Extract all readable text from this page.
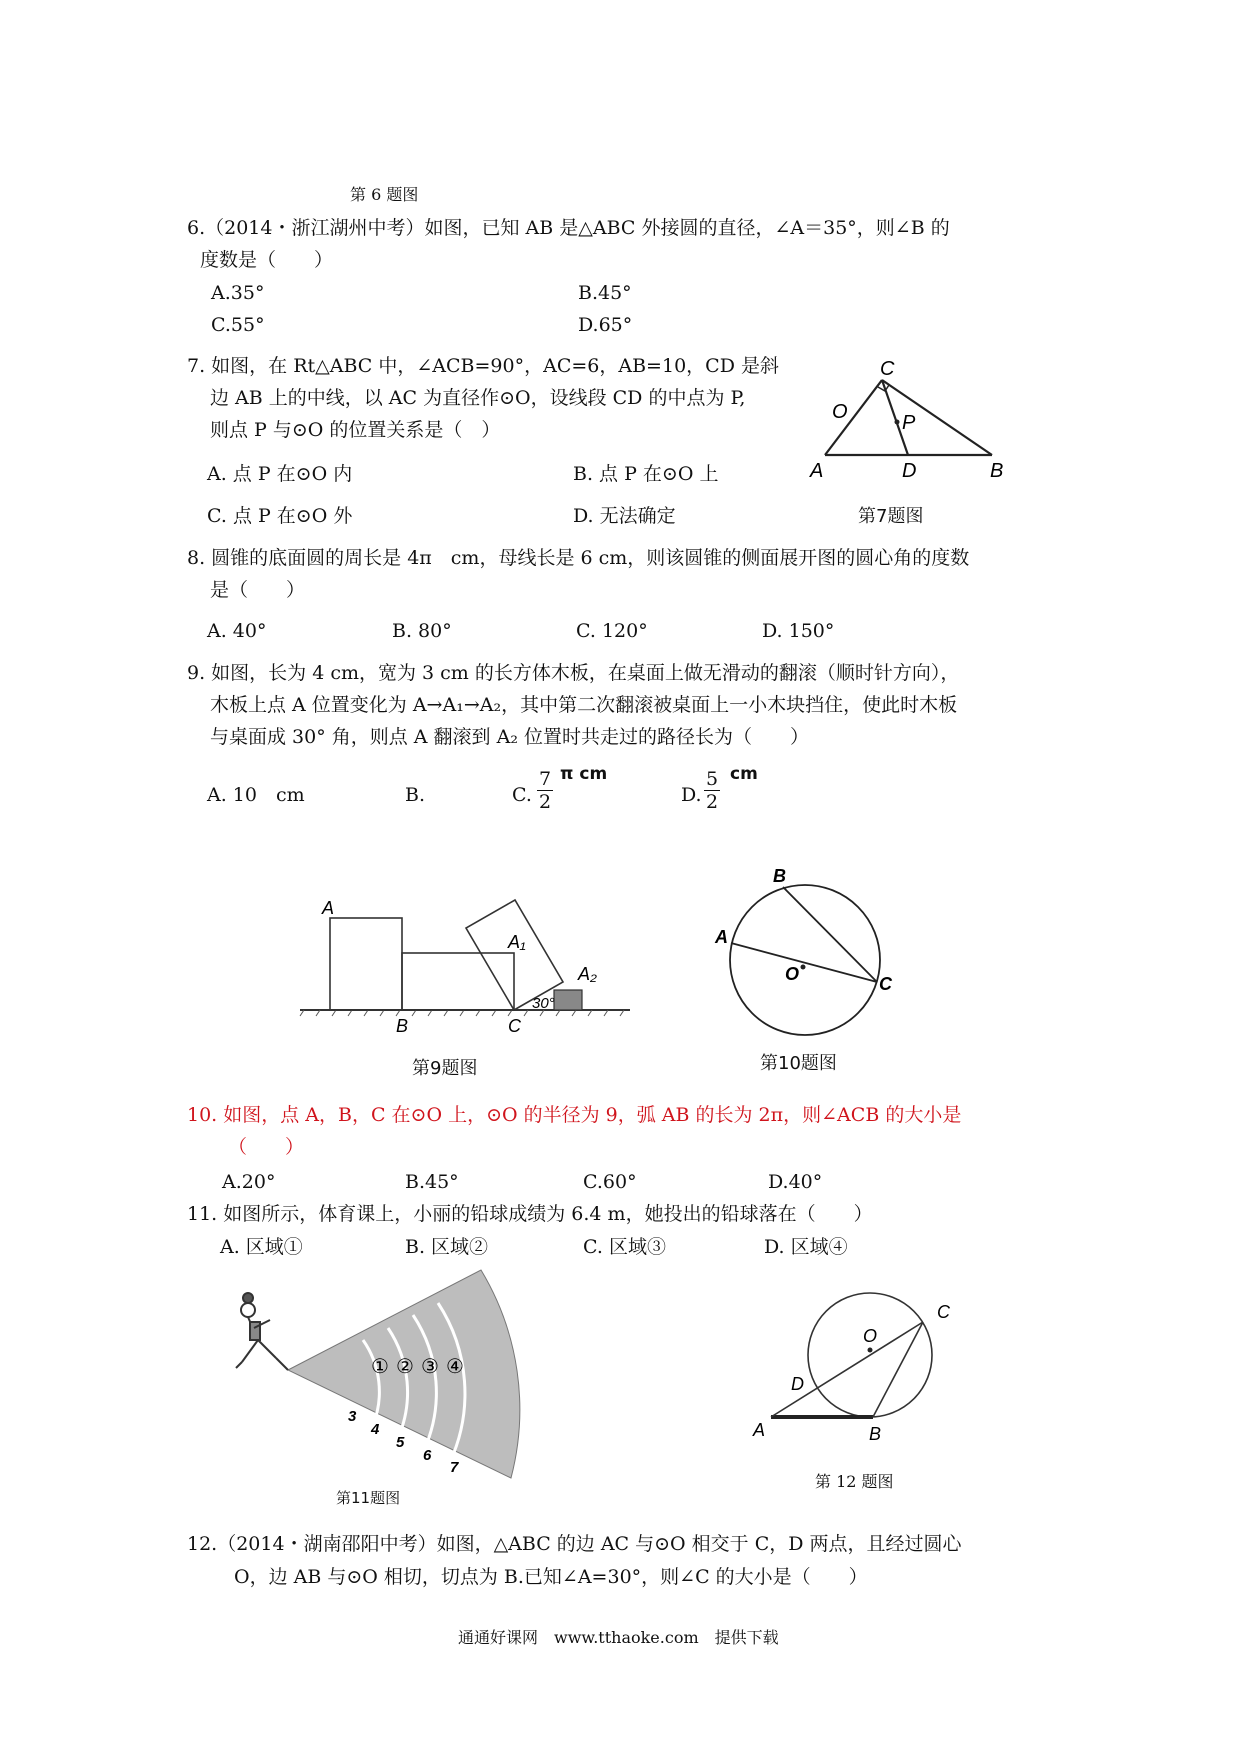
第 6 题图
6.（2014・浙江湖州中考）如图，已知 AB 是△ABC 外接圆的直径，∠A＝35°，则∠B 的
度数是（　　）
A.35°	B.45°
C.55°	D.65°
7. 如图，在 Rt△ABC 中，∠ACB=90°，AC=6，AB=10，CD 是斜
边 AB 上的中线，以 AC 为直径作⊙O，设线段 CD 的中点为 P,
则点 P 与⊙O 的位置关系是（　）
A. 点 P 在⊙O 内	B. 点 P 在⊙O 上
C. 点 P 在⊙O 外	D. 无法确定
C
O	P
A	D	B
第7题图
8. 圆锥的底面圆的周长是 4π　cm，母线长是 6 cm，则该圆锥的侧面展开图的圆心角的度数
是（　　）
A. 40°	B. 80°	C. 120°	D. 150°
9. 如图，长为 4 cm，宽为 3 cm 的长方体木板，在桌面上做无滑动的翻滚（顺时针方向），
木板上点 A 位置变化为 A→A₁→A₂，其中第二次翻滚被桌面上一小木块挡住，使此时木板
与桌面成 30° 角，则点 A 翻滚到 A₂ 位置时共走过的路径长为（　　）
A. 10　cm	B.	C. $\frac{7}{2}$ π cm
D. $\frac{5}{2}$ cm
A
A₁
A₂
B	C
30°
第9题图
A
B
C
O
第10题图
10. 如图，点 A，B，C 在⊙O 上，⊙O 的半径为 9，弧 AB 的长为 2π，则∠ACB 的大小是
（　　）
A.20°	B.45°	C.60°	D.40°
11. 如图所示，体育课上，小丽的铅球成绩为 6.4 m，她投出的铅球落在（　　）
A. 区域①	B. 区域②	C. 区域③	D. 区域④
① ② ③ ④
3
4
5
6
7
第11题图
A	B
C
D
O
第 12 题图
12.（2014・湖南邵阳中考）如图，△ABC 的边 AC 与⊙O 相交于 C，D 两点，且经过圆心
O，边 AB 与⊙O 相切，切点为 B.已知∠A=30°，则∠C 的大小是（　　）
通通好课网　www.tthaoke.com　提供下载
